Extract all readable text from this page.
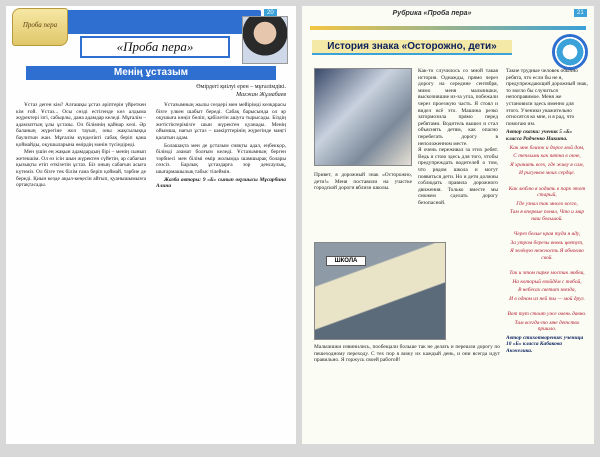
Проба пера
20
«Проба пера»
Менің ұстазым
Өмірдегі қиілуі ерен – мұғалімдікі.
Мағжан Жұмабаев

Ұстаз деген кім? Алғашқы ұстаз әріптерін үйреткен кім ғой. Ұстаз... Осы сөзді естігенде көз алдыма жүректері ізгі, сабырлы, дана адамдар келеді. Мұғалім – адамзаттың ұлы ұстазы. Ол білімнің қайнар көзі. Әр баланың жүрегіне жол тауып, оны жақсылыққа баулитын жан. Мұғалім күнделікті сабақ беріп қана қоймайды, оқушыларына өмірдің мәнін түсіндіреді.

Мен үшін ең жақын адамдардың бірі – менің сынып жетекшім. Ол өз ісін шын жүректен сүйетін, әр сабағын қызықты етіп өткізетін ұстаз. Біз оның сабағын асыға күтеміз. Ол бізге тек білім ғана беріп қоймай, тәрбие де береді. Қиын кезде ақыл-кеңесін айтып, қуанышымызға ортақтасады.

Ұстазымның жылы сөздері мен мейірімді көзқарасы бізге үлкен шабыт береді. Сабақ барысында ол әр оқушыға көңіл бөліп, қабілетін ашуға тырысады. Біздің жетістіктерімізге шын жүректен қуанады. Менің ойымша, нағыз ұстаз – шәкірттерінің жүрегінде мәңгі қалатын адам.

Болашақта мен де ұстазым сияқты адал, еңбекқор, білімді азамат болғым келеді. Ұстазымның берген тәрбиесі мен білімі өмір жолымда шамшырақ болары сөзсіз. Барлық ұстаздарға зор денсаулық, шығармашылық табыс тілеймін.

Жазба авторы: 9 «Б» сынып оқушысы Мұсарбина Алина

Рубрика «Проба пера»	21
История знака «Осторожно, дети»

Привет, я дорожный знак «Осторожно, дети!» Меня поставили на участке городской дороги вблизи школы.

Как-то случилось со мной такая история. Однажды, прямо через дорогу на середине сентября, мимо меня мальчишки, выскочившие из-за угла, побежали через проезжую часть. Я стоял и видел всё это. Машина резко затормозила прямо перед ребятами. Водитель вышел и стал объяснять детям, как опасно перебегать дорогу в неположенном месте.

Я очень переживал за этих ребят. Ведь я стою здесь для того, чтобы предупреждать водителей о том, что рядом школа и могут появиться дети. Но и дети должны соблюдать правила дорожного движения. Только вместе мы сможем сделать дорогу безопасной.

ШКОЛА

Мальчишки извинились, пообещали больше так не делать и перешли дорогу по пешеходному переходу. С тех пор я вижу их каждый день, и они всегда идут правильно. Я горжусь своей работой!

Такие трудные человек обычно ребята, что если бы не я, предупреждающий дорожный знак, то могло бы случиться непоправимое. Меня же установили здесь именно для этого. Ученики уважительно относятся ко мне, и я рад, что помогаю им.

Автор сказки: ученик 5 «Б» класса Радченко Никита.

Как мне близок и дорог мой дом,

С теплыми как пятна в окне,

Я хранить всех, где живу я сам,

И рисунков моих сердце.

Как люблю я ходить в парк этот старый,

Где узнал так много всего,

Там я впервые понял, Что и мир наш большой.

Через белые края туда я иду,

За утром березы вновь цветут,

Я зелёную нежность Я обновлю свой.

Так и этом парке мостик любви,

На который взойдём с тобой,

В небесах светит звезда,

И в одном из ней ты — мой друг.

Вот тут стоит уже очень давно.

Там всегда-то мне детство пришло.

Автор стихотворения: ученица 10 «Б» класса Кабакова Анжелика.
